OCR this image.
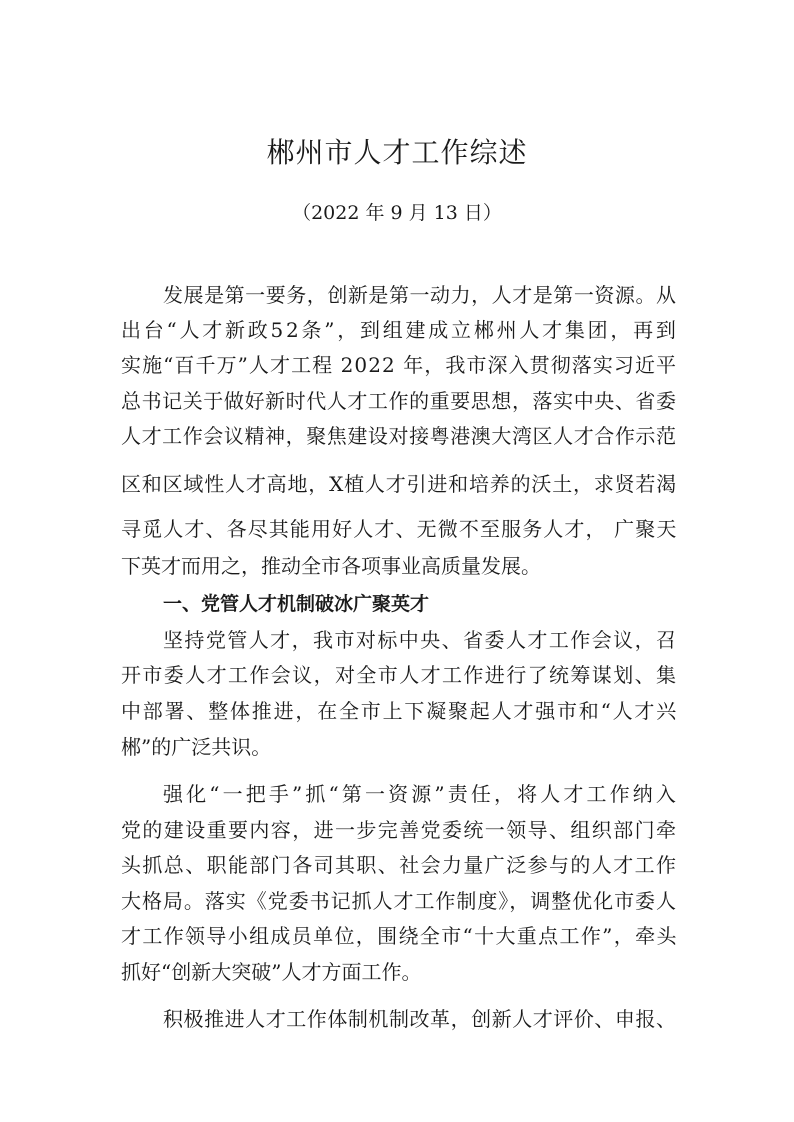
郴州市人才工作综述
（2022 年 9 月 13 日）
发展是第一要务，创新是第一动力，人才是第一资源。从
出台“人才新政52条”，到组建成立郴州人才集团，再到
实施“百千万”人才工程 2022 年，我市深入贯彻落实习近平
总书记关于做好新时代人才工作的重要思想，落实中央、省委
人才工作会议精神，聚焦建设对接粤港澳大湾区人才合作示范
区和区域性人才高地，X植人才引进和培养的沃土，求贤若渴
寻觅人才、各尽其能用好人才、无微不至服务人才， 广聚天
下英才而用之，推动全市各项事业高质量发展。
一、党管人才机制破冰广聚英才
坚持党管人才，我市对标中央、省委人才工作会议，召
开市委人才工作会议，对全市人才工作进行了统筹谋划、集
中部署、整体推进，在全市上下凝聚起人才强市和“人才兴
郴”的广泛共识。
强化“一把手”抓“第一资源”责任，将人才工作纳入
党的建设重要内容，进一步完善党委统一领导、组织部门牵
头抓总、职能部门各司其职、社会力量广泛参与的人才工作
大格局。落实《党委书记抓人才工作制度》，调整优化市委人
才工作领导小组成员单位，围绕全市“十大重点工作”，牵头
抓好“创新大突破”人才方面工作。
积极推进人才工作体制机制改革，创新人才评价、申报、
